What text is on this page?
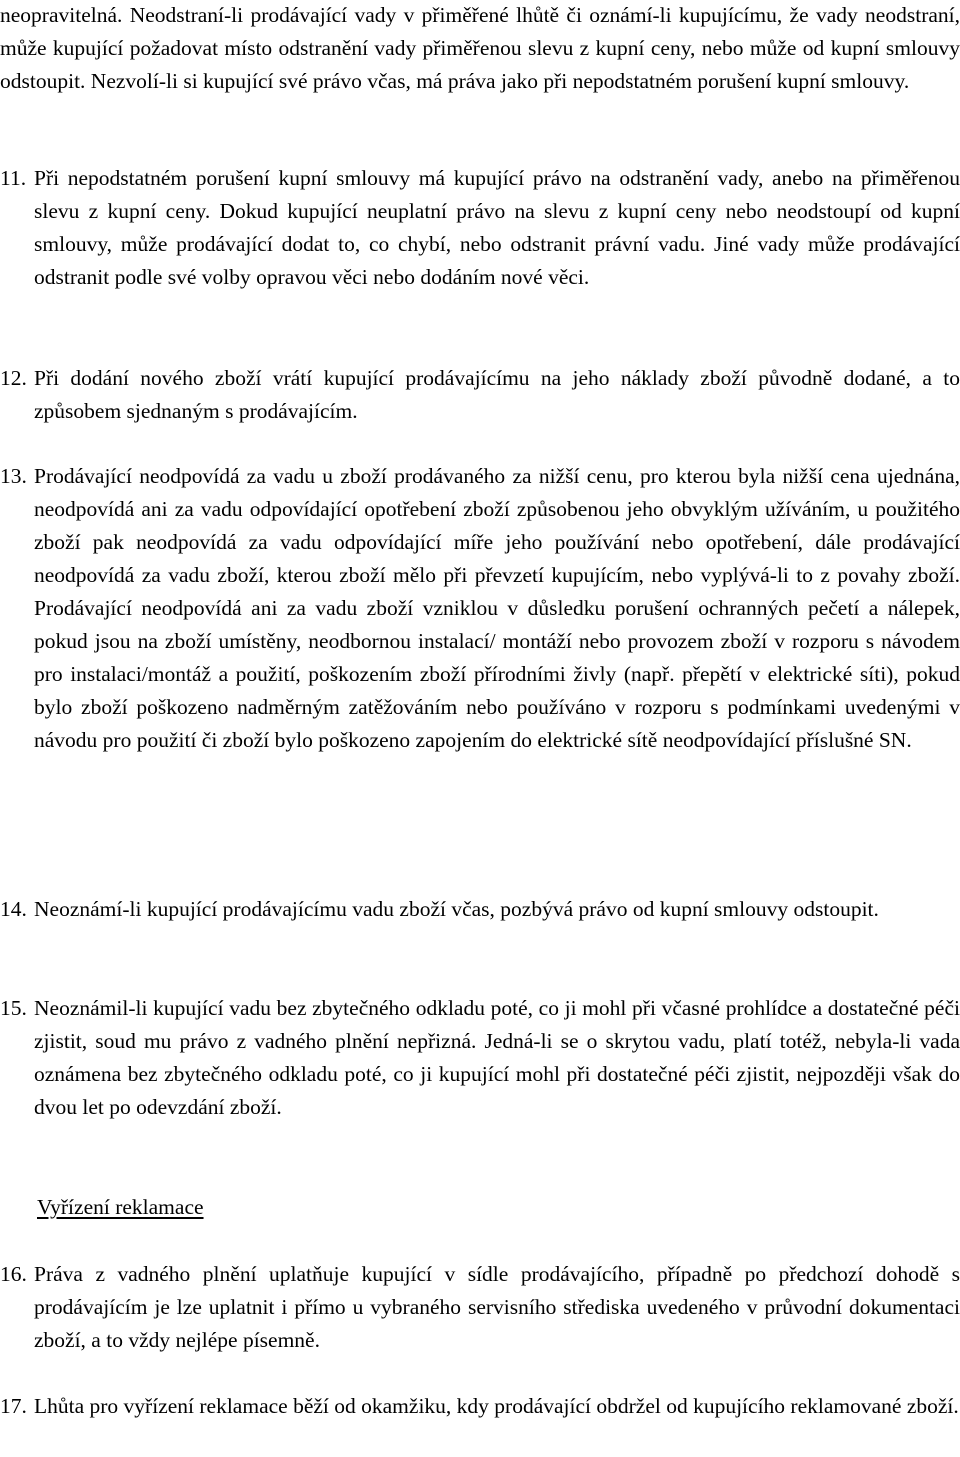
neopravitelná. Neodstraní-li prodávající vady v přiměřené lhůtě či oznámí-li kupujícímu, že vady neodstraní, může kupující požadovat místo odstranění vady přiměřenou slevu z kupní ceny, nebo může od kupní smlouvy odstoupit. Nezvolí-li si kupující své právo včas, má práva jako při nepodstatném porušení kupní smlouvy.
11. Při nepodstatném porušení kupní smlouvy má kupující právo na odstranění vady, anebo na přiměřenou slevu z kupní ceny. Dokud kupující neuplatní právo na slevu z kupní ceny nebo neodstoupí od kupní smlouvy, může prodávající dodat to, co chybí, nebo odstranit právní vadu. Jiné vady může prodávající odstranit podle své volby opravou věci nebo dodáním nové věci.
12. Při dodání nového zboží vrátí kupující prodávajícímu na jeho náklady zboží původně dodané, a to způsobem sjednaným s prodávajícím.
13. Prodávající neodpovídá za vadu u zboží prodávaného za nižší cenu, pro kterou byla nižší cena ujednána, neodpovídá ani za vadu odpovídající opotřebení zboží způsobenou jeho obvyklým užíváním, u použitého zboží pak neodpovídá za vadu odpovídající míře jeho používání nebo opotřebení, dále prodávající neodpovídá za vadu zboží, kterou zboží mělo při převzetí kupujícím, nebo vyplývá-li to z povahy zboží. Prodávající neodpovídá ani za vadu zboží vzniklou v důsledku porušení ochranných pečetí a nálepek, pokud jsou na zboží umístěny, neodbornou instalací/ montáží nebo provozem zboží v rozporu s návodem pro instalaci/montáž a použití, poškozením zboží přírodními živly (např. přepětí v elektrické síti), pokud bylo zboží poškozeno nadměrným zatěžováním nebo používáno v rozporu s podmínkami uvedenými v návodu pro použití či zboží bylo poškozeno zapojením do elektrické sítě neodpovídající příslušné SN.
14. Neoznámí-li kupující prodávajícímu vadu zboží včas, pozbývá právo od kupní smlouvy odstoupit.
15. Neoznámil-li kupující vadu bez zbytečného odkladu poté, co ji mohl při včasné prohlídce a dostatečné péči zjistit, soud mu právo z vadného plnění nepřizná. Jedná-li se o skrytou vadu, platí totéž, nebyla-li vada oznámena bez zbytečného odkladu poté, co ji kupující mohl při dostatečné péči zjistit, nejpozději však do dvou let po odevzdání zboží.
Vyřízení reklamace
16. Práva z vadného plnění uplatňuje kupující v sídle prodávajícího, případně po předchozí dohodě s prodávajícím je lze uplatnit i přímo u vybraného servisního střediska uvedeného v průvodní dokumentaci zboží, a to vždy nejlépe písemně.
17. Lhůta pro vyřízení reklamace běží od okamžiku, kdy prodávající obdržel od kupujícího reklamované zboží.
